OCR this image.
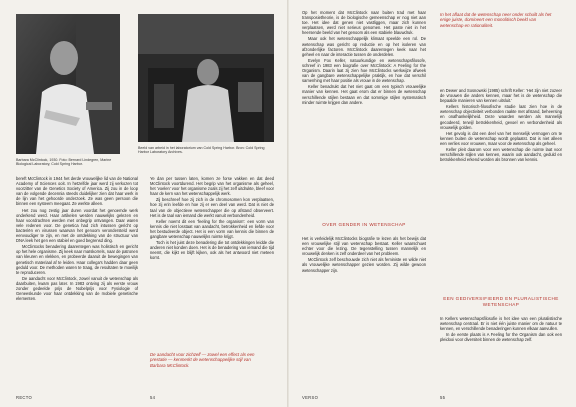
Barbara McClintock, 1930. Foto: Bernard Lindegren, Marine Biological Laboratory, Cold Spring Harbor.
Beeld van arbeid in het laboratorium van Cold Spring Harbor. Bron: Cold Spring Harbor Laboratory Archives.

bereft McClintock in 1944 het derde vrouwelijke lid van de National Academy of Sciences ooit. In hetzelfde jaar werd zij verkozen tot voorzitter van de Genetics Society of America. Zij zou in de loop van de volgende decennia steeds duidelijker zien dat haar werk in de lijn van het gehoorde onderzoek. Ze was geen persoon die binnen een systeem meegaat. Ze werkte alleen.

Het zou nog zestig jaar duren voordat het genoemde werk onderkend werd. Haar artikelen werden nauwelijks gelezen en haar voordrachten werden met onbegrip ontvangen. Daar waren vele redenen voor. De genetica had zich intussen gericht op bacteriën en virussen waarvan het genoom verondersteld werd eenvoudiger te zijn, en met de ontdekking van de structuur van DNA leek het gen een stabiel en goed begrensd ding.

McClintocks benadering daarentegen was holistisch en gericht op het hele organisme. Zij keek naar maïskorrels, naar de patronen van kleuren en vlekken, en probeerde daaruit de bewegingen van genetisch materiaal af te leiden. Haar collega's hadden daar geen geduld voor. De methoden waren te traag, de resultaten te moeilijk te reproduceren.

De aandacht voor McClintock, zowel vanuit de wetenschap als daarbuiten, kwam pas later. In 1983 ontving zij als eerste vrouw zonder gedeelde prijs de Nobelprijs voor Fysiologie of Geneeskunde voor haar ontdekking van de mobiele genetische elementen.

Ye dan per tussen laten, komen ze forse vakken en dat deed McClintock voortdurend. Het begrip van het organisme als geheel, het ‘voelen’ voor het organisme zoals zij het zelf uitdrukte, bleef voor haar de kern van het wetenschappelijk werk.

Zij beschreef hoe zij zich in de chromosomen kon verplaatsen, hoe zij erin leefde en hoe zij er een deel van werd. Dat is niet de taal van de objectieve wetenschapper die op afstand observeert. Het is de taal van iemand die werkt vanuit verbondenheid.

Keller noemt dit een ‘feeling for the organism’: een vorm van kennis die niet losstaat van aandacht, betrokkenheid en liefde voor het bestudeerde object. Het is een vorm van kennis die binnen de gangbare wetenschap nauwelijks ruimte krijgt.

Toch is het juist deze benadering die tot ontdekkingen leidde die anderen niet konden doen. Het is de benadering van iemand die tijd neemt, die kijkt en blijft kijken, ook als het antwoord niet meteen komt.

De aandacht voor zichzelf — zowel een effect als een prestatie — kenmerkt de wetenschappelijke stijl van Barbara McClintock.
RECTO	54

Op het moment dat McClintock naar buiten trad met haar transposietheorie, is de biologische gemeenschap er nog niet aan toe. Het idee dat genen niet vastliggen, maar zich kunnen verplaatsen, werd niet serieus genomen. Het paste niet in het heersende beeld van het genoom als een stabiele blauwdruk.

Maar ook het wetenschappelijk klimaat speelde een rol. De wetenschap was gericht op reductie en op het isoleren van afzonderlijke factoren. McClintock daarentegen keek naar het geheel en naar de interactie tussen de onderdelen.

Evelyn Fox Keller, natuurkundige en wetenschapsfilosofe, schreef in 1983 een biografie over McClintock: A Feeling for the Organism. Daarin laat zij zien hoe McClintocks werkwijze afweek van de gangbare wetenschappelijke praktijk, en hoe dat verschil samenhing met haar positie als vrouw in de wetenschap.

Keller benadrukt dat het niet gaat om een typisch vrouwelijke manier van kennen. Het gaat erom dat er binnen de wetenschap verschillende stijlen bestaan en dat sommige stijlen systematisch minder ruimte krijgen dan andere.

OVER GENDER IN WETENSCHAP

Het is verleidelijk McClintocks biografie te lezen als het bewijs dat een vrouwelijke stijl van wetenschap bestaat. Keller waarschuwt echter voor die lezing. De tegenstelling tussen mannelijk en vrouwelijk denken is zelf onderdeel van het probleem.

McClintock zelf beschouwde zich niet als feministe en wilde niet als vrouwelijke wetenschapper gezien worden. Zij wilde gewoon wetenschapper zijn.

In het aflaat dat de wetenschap neer onder schuilt als het enige juiste, domineert een monolitisch beeld van wetenschap en rationaliteit.

en Dewer and Sosnowski (1985) schrift Keller: ‘Het zijn niet zozeer de vrouwen die anders kennen, maar het is de wetenschap die bepaalde manieren van kennen uitsluit.’

Kellers historisch-filosofische studie laat zien hoe in de wetenschap objectiviteit verbonden raakte met afstand, beheersing en onafhankelijkheid. Deze waarden werden als mannelijk gecodeerd, terwijl betrokkenheid, gevoel en verbondenheid als vrouwelijk golden.

Het gevolg is dat een deel van het menselijk vermogen om te kennen buiten de wetenschap wordt geplaatst. Dat is niet alleen een verlies voor vrouwen, maar voor de wetenschap als geheel.

Keller pleit daarom voor een wetenschap die ruimte laat voor verschillende stijlen van kennen, waarin ook aandacht, geduld en betrokkenheid erkend worden als bronnen van kennis.

EEN GEDIVERSIFIEERD EN PLURALISTISCHE WETENSCHAP

In Kellers wetenschapsfilosofie is het idee van een pluralistische wetenschap centraal. Er is niet één juiste manier om de natuur te kennen, en verschillende benaderingen kunnen elkaar aanvullen.

In de eerste plaats is A Feeling for the Organism dan ook een pleidooi voor diversiteit binnen de wetenschap zelf.

VERSO	55
